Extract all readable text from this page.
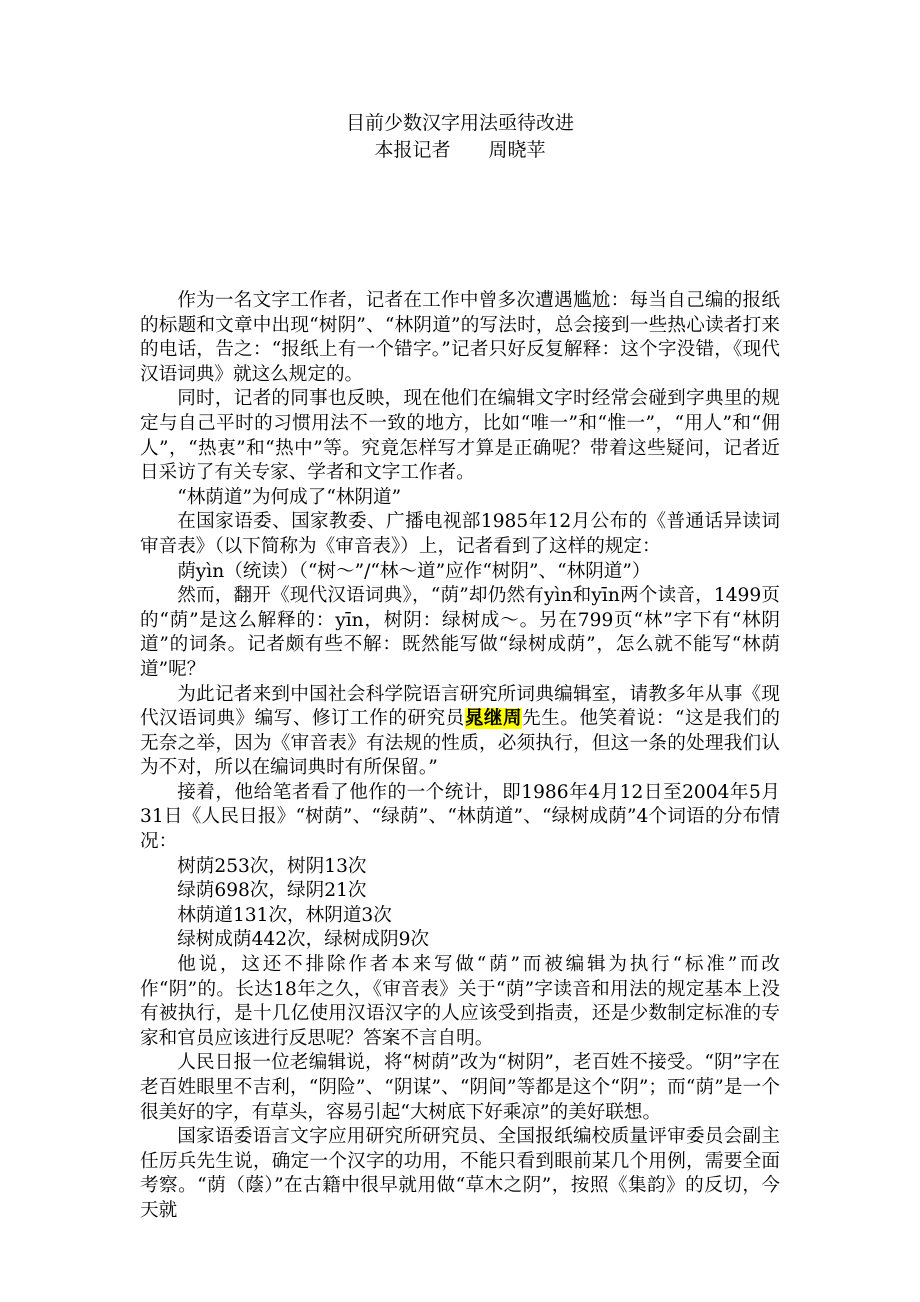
目前少数汉字用法亟待改进
本报记者 周晓苹

作为一名文字工作者，记者在工作中曾多次遭遇尴尬：每当自己编的报纸的标题和文章中出现“树阴”、“林阴道”的写法时，总会接到一些热心读者打来的电话，告之：“报纸上有一个错字。”记者只好反复解释：这个字没错，《现代汉语词典》就这么规定的。

同时，记者的同事也反映，现在他们在编辑文字时经常会碰到字典里的规定与自己平时的习惯用法不一致的地方，比如“唯一”和“惟一”，“用人”和“佣人”，“热衷”和“热中”等。究竟怎样写才算是正确呢？带着这些疑问，记者近日采访了有关专家、学者和文字工作者。

“林荫道”为何成了“林阴道”

在国家语委、国家教委、广播电视部1985年12月公布的《普通话异读词审音表》（以下简称为《审音表》）上，记者看到了这样的规定：

荫yìn（统读）（“树～”/“林～道”应作“树阴”、“林阴道”）

然而，翻开《现代汉语词典》，“荫”却仍然有yìn和yīn两个读音，1499页的“荫”是这么解释的：yīn，树阴：绿树成～。另在799页“林”字下有“林阴道”的词条。记者颇有些不解：既然能写做“绿树成荫”，怎么就不能写“林荫道”呢？

为此记者来到中国社会科学院语言研究所词典编辑室，请教多年从事《现代汉语词典》编写、修订工作的研究员晁继周先生。他笑着说：“这是我们的无奈之举，因为《审音表》有法规的性质，必须执行，但这一条的处理我们认为不对，所以在编词典时有所保留。”

接着，他给笔者看了他作的一个统计，即1986年4月12日至2004年5月31日《人民日报》“树荫”、“绿荫”、“林荫道”、“绿树成荫”4个词语的分布情况：

树荫253次，树阴13次

绿荫698次，绿阴21次

林荫道131次，林阴道3次

绿树成荫442次，绿树成阴9次

他说，这还不排除作者本来写做“荫”而被编辑为执行“标准”而改作“阴”的。长达18年之久，《审音表》关于“荫”字读音和用法的规定基本上没有被执行，是十几亿使用汉语汉字的人应该受到指责，还是少数制定标准的专家和官员应该进行反思呢？答案不言自明。

人民日报一位老编辑说，将“树荫”改为“树阴”，老百姓不接受。“阴”字在老百姓眼里不吉利，“阴险”、“阴谋”、“阴间”等都是这个“阴”；而“荫”是一个很美好的字，有草头，容易引起“大树底下好乘凉”的美好联想。

国家语委语言文字应用研究所研究员、全国报纸编校质量评审委员会副主任厉兵先生说，确定一个汉字的功用，不能只看到眼前某几个用例，需要全面考察。“荫（蔭）”在古籍中很早就用做“草木之阴”，按照《集韵》的反切，今天就
